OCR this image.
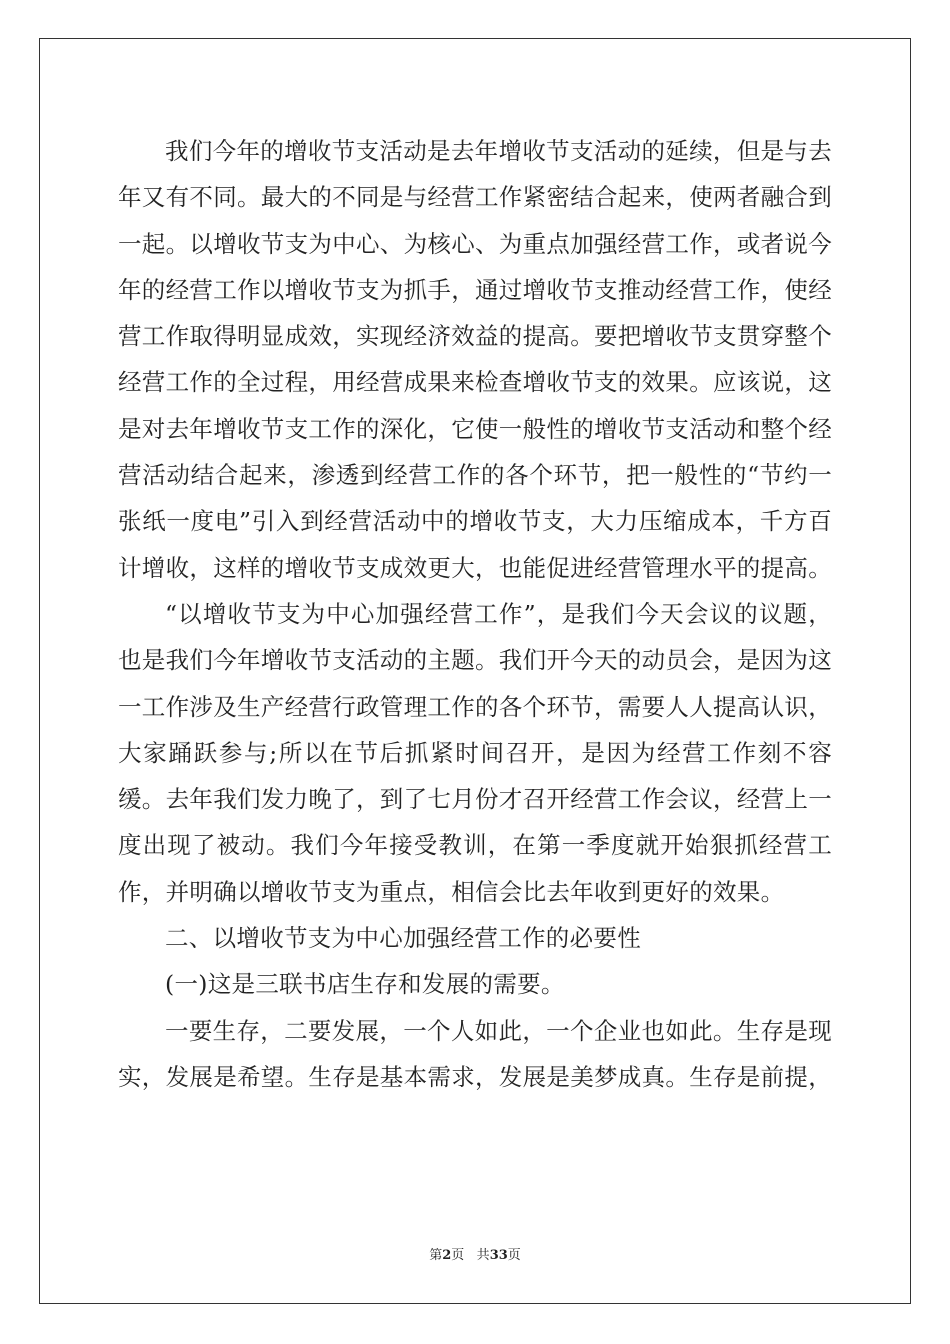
我们今年的增收节支活动是去年增收节支活动的延续，但是与去年又有不同。最大的不同是与经营工作紧密结合起来，使两者融合到一起。以增收节支为中心、为核心、为重点加强经营工作，或者说今年的经营工作以增收节支为抓手，通过增收节支推动经营工作，使经营工作取得明显成效，实现经济效益的提高。要把增收节支贯穿整个经营工作的全过程，用经营成果来检查增收节支的效果。应该说，这是对去年增收节支工作的深化，它使一般性的增收节支活动和整个经营活动结合起来，渗透到经营工作的各个环节，把一般性的“节约一张纸一度电”引入到经营活动中的增收节支，大力压缩成本，千方百计增收，这样的增收节支成效更大，也能促进经营管理水平的提高。

“以增收节支为中心加强经营工作”，是我们今天会议的议题，也是我们今年增收节支活动的主题。我们开今天的动员会，是因为这一工作涉及生产经营行政管理工作的各个环节，需要人人提高认识，大家踊跃参与;所以在节后抓紧时间召开，是因为经营工作刻不容缓。去年我们发力晚了，到了七月份才召开经营工作会议，经营上一度出现了被动。我们今年接受教训，在第一季度就开始狠抓经营工作，并明确以增收节支为重点，相信会比去年收到更好的效果。

二、以增收节支为中心加强经营工作的必要性

(一)这是三联书店生存和发展的需要。

一要生存，二要发展，一个人如此，一个企业也如此。生存是现实，发展是希望。生存是基本需求，发展是美梦成真。生存是前提，

第2页 共33页
